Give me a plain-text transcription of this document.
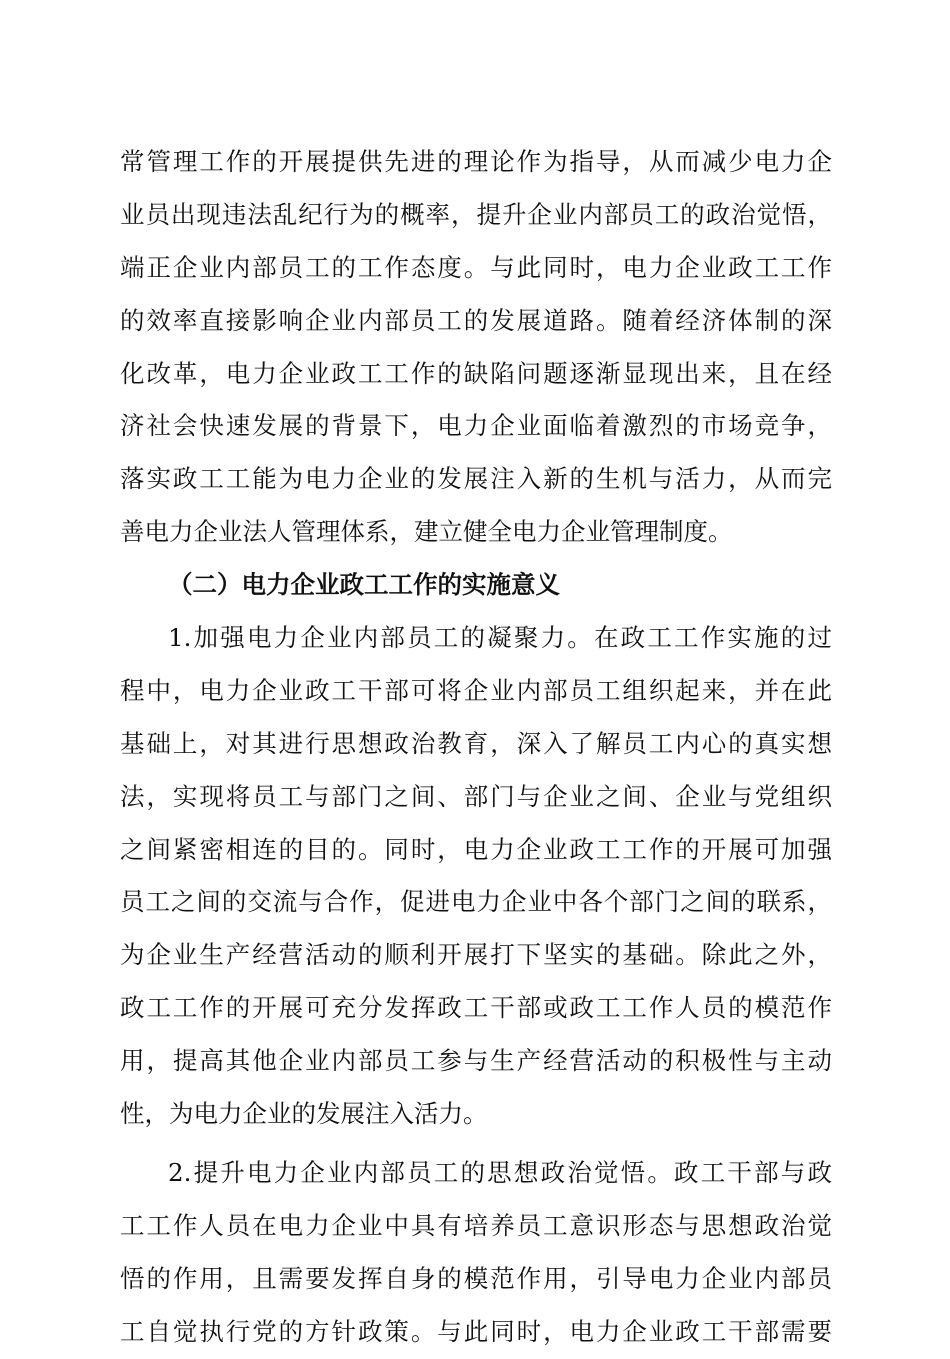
常管理工作的开展提供先进的理论作为指导，从而减少电力企
业员出现违法乱纪行为的概率，提升企业内部员工的政治觉悟，
端正企业内部员工的工作态度。与此同时，电力企业政工工作
的效率直接影响企业内部员工的发展道路。随着经济体制的深
化改革，电力企业政工工作的缺陷问题逐渐显现出来，且在经
济社会快速发展的背景下，电力企业面临着激烈的市场竞争，
落实政工工能为电力企业的发展注入新的生机与活力，从而完
善电力企业法人管理体系，建立健全电力企业管理制度。
（二）电力企业政工工作的实施意义
1.加强电力企业内部员工的凝聚力。在政工工作实施的过
程中，电力企业政工干部可将企业内部员工组织起来，并在此
基础上，对其进行思想政治教育，深入了解员工内心的真实想
法，实现将员工与部门之间、部门与企业之间、企业与党组织
之间紧密相连的目的。同时，电力企业政工工作的开展可加强
员工之间的交流与合作，促进电力企业中各个部门之间的联系，
为企业生产经营活动的顺利开展打下坚实的基础。除此之外，
政工工作的开展可充分发挥政工干部或政工工作人员的模范作
用，提高其他企业内部员工参与生产经营活动的积极性与主动
性，为电力企业的发展注入活力。
2.提升电力企业内部员工的思想政治觉悟。政工干部与政
工工作人员在电力企业中具有培养员工意识形态与思想政治觉
悟的作用，且需要发挥自身的模范作用，引导电力企业内部员
工自觉执行党的方针政策。与此同时，电力企业政工干部需要
